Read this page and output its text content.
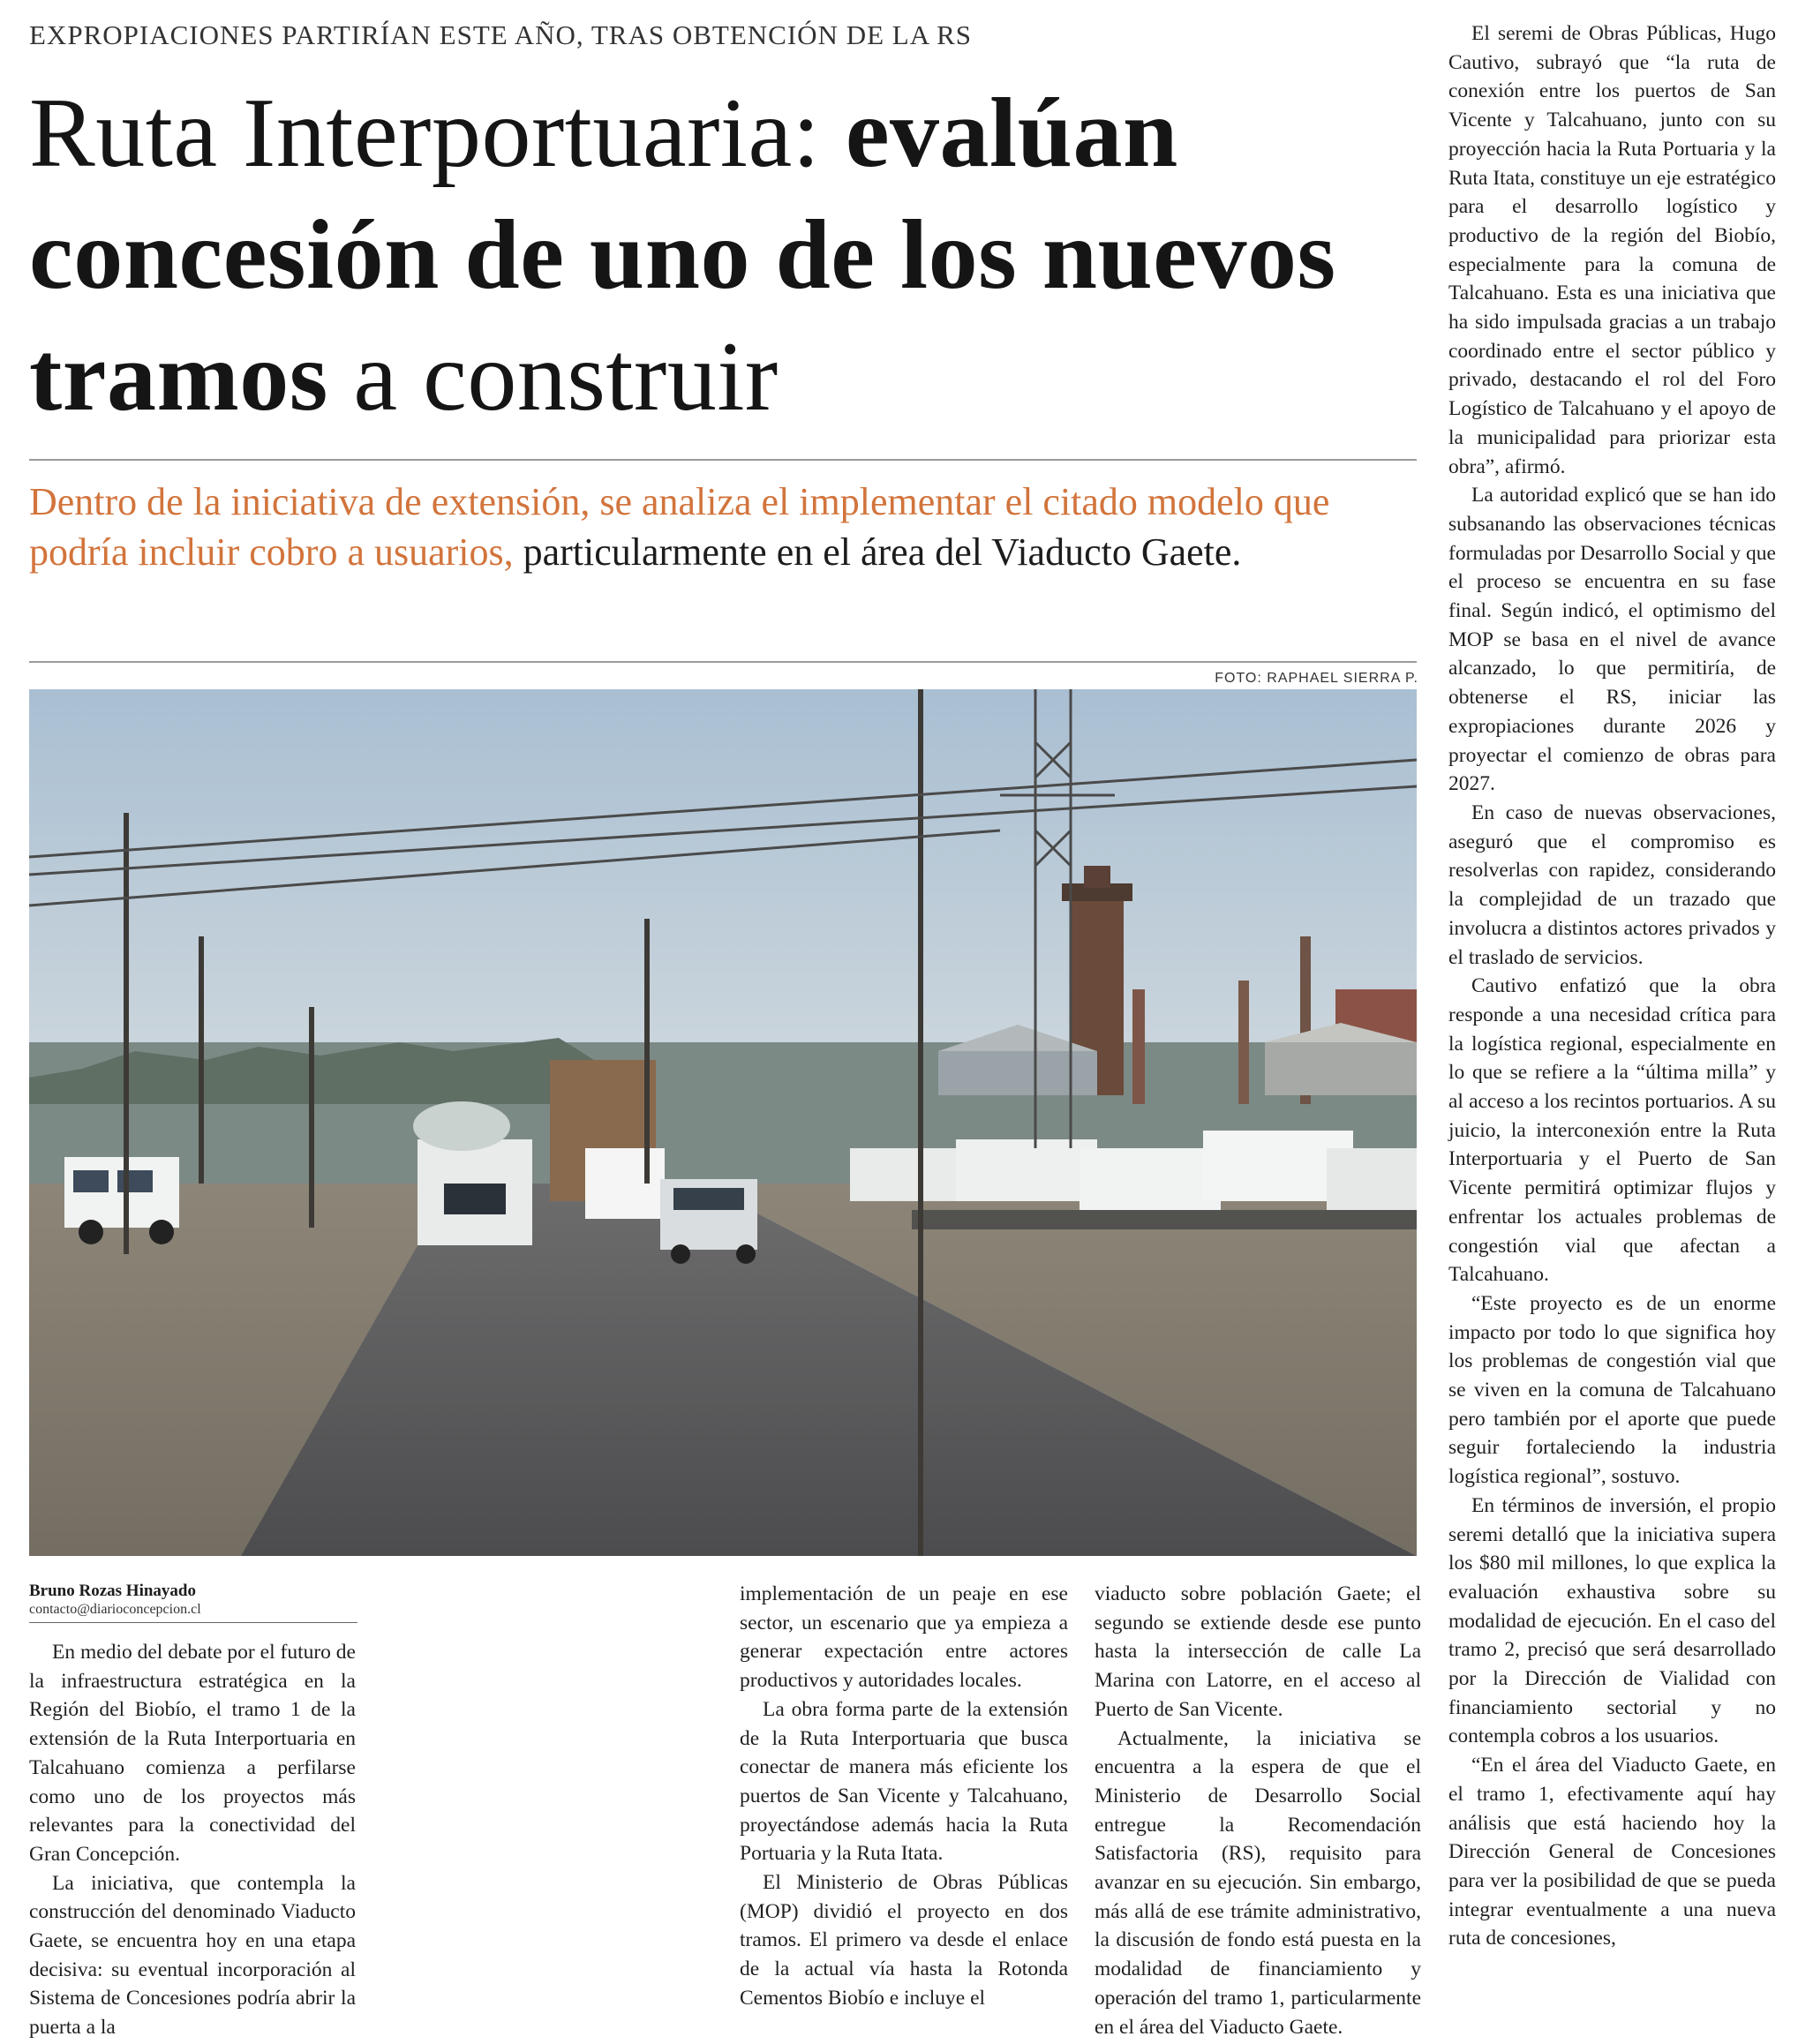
EXPROPIACIONES PARTIRÍAN ESTE AÑO, TRAS OBTENCIÓN DE LA RS
Ruta Interportuaria: evalúan concesión de uno de los nuevos tramos a construir
Dentro de la iniciativa de extensión, se analiza el implementar el citado modelo que podría incluir cobro a usuarios, particularmente en el área del Viaducto Gaete.
FOTO: RAPHAEL SIERRA P.
Bruno Rozas Hinayado
contacto@diarioconcepcion.cl

En medio del debate por el futuro de la infraestructura estratégica en la Región del Biobío, el tramo 1 de la extensión de la Ruta Interportuaria en Talcahuano comienza a perfilarse como uno de los proyectos más relevantes para la conectividad del Gran Concepción.

La iniciativa, que contempla la construcción del denominado Viaducto Gaete, se encuentra hoy en una etapa decisiva: su eventual incorporación al Sistema de Concesiones podría abrir la puerta a la

implementación de un peaje en ese sector, un escenario que ya empieza a generar expectación entre actores productivos y autoridades locales.

La obra forma parte de la extensión de la Ruta Interportuaria que busca conectar de manera más eficiente los puertos de San Vicente y Talcahuano, proyectándose además hacia la Ruta Portuaria y la Ruta Itata.

El Ministerio de Obras Públicas (MOP) dividió el proyecto en dos tramos. El primero va desde el enlace de la actual vía hasta la Rotonda Cementos Biobío e incluye el

viaducto sobre población Gaete; el segundo se extiende desde ese punto hasta la intersección de calle La Marina con Latorre, en el acceso al Puerto de San Vicente.

Actualmente, la iniciativa se encuentra a la espera de que el Ministerio de Desarrollo Social entregue la Recomendación Satisfactoria (RS), requisito para avanzar en su ejecución. Sin embargo, más allá de ese trámite administrativo, la discusión de fondo está puesta en la modalidad de financiamiento y operación del tramo 1, particularmente en el área del Viaducto Gaete.

El seremi de Obras Públicas, Hugo Cautivo, subrayó que “la ruta de conexión entre los puertos de San Vicente y Talcahuano, junto con su proyección hacia la Ruta Portuaria y la Ruta Itata, constituye un eje estratégico para el desarrollo logístico y productivo de la región del Biobío, especialmente para la comuna de Talcahuano. Esta es una iniciativa que ha sido impulsada gracias a un trabajo coordinado entre el sector público y privado, destacando el rol del Foro Logístico de Talcahuano y el apoyo de la municipalidad para priorizar esta obra”, afirmó.

La autoridad explicó que se han ido subsanando las observaciones técnicas formuladas por Desarrollo Social y que el proceso se encuentra en su fase final. Según indicó, el optimismo del MOP se basa en el nivel de avance alcanzado, lo que permitiría, de obtenerse el RS, iniciar las expropiaciones durante 2026 y proyectar el comienzo de obras para 2027.

En caso de nuevas observaciones, aseguró que el compromiso es resolverlas con rapidez, considerando la complejidad de un trazado que involucra a distintos actores privados y el traslado de servicios.

Cautivo enfatizó que la obra responde a una necesidad crítica para la logística regional, especialmente en lo que se refiere a la “última milla” y al acceso a los recintos portuarios. A su juicio, la interconexión entre la Ruta Interportuaria y el Puerto de San Vicente permitirá optimizar flujos y enfrentar los actuales problemas de congestión vial que afectan a Talcahuano.

“Este proyecto es de un enorme impacto por todo lo que significa hoy los problemas de congestión vial que se viven en la comuna de Talcahuano pero también por el aporte que puede seguir fortaleciendo la industria logística regional”, sostuvo.

En términos de inversión, el propio seremi detalló que la iniciativa supera los $80 mil millones, lo que explica la evaluación exhaustiva sobre su modalidad de ejecución. En el caso del tramo 2, precisó que será desarrollado por la Dirección de Vialidad con financiamiento sectorial y no contempla cobros a los usuarios.

“En el área del Viaducto Gaete, en el tramo 1, efectivamente aquí hay análisis que está haciendo hoy la Dirección General de Concesiones para ver la posibilidad de que se pueda integrar eventualmente a una nueva ruta de concesiones,
